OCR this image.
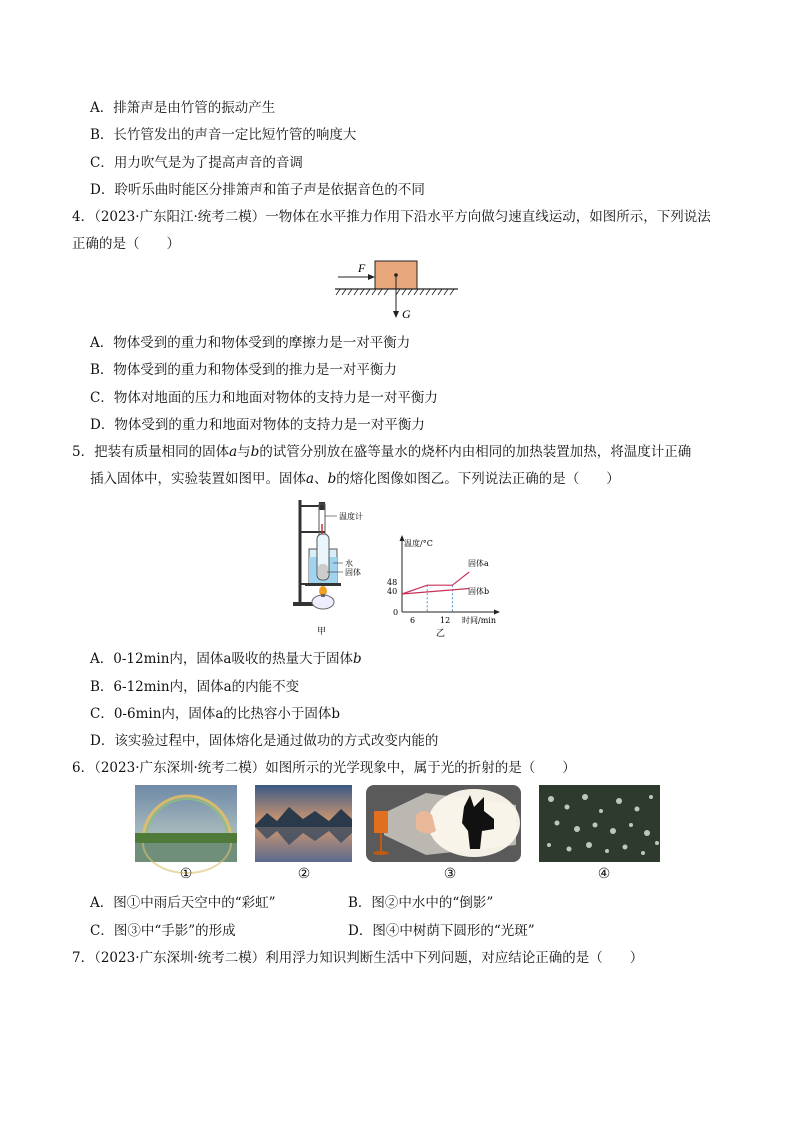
A．排箫声是由竹管的振动产生
B．长竹管发出的声音一定比短竹管的响度大
C．用力吹气是为了提高声音的音调
D．聆听乐曲时能区分排箫声和笛子声是依据音色的不同
4．（2023·广东阳江·统考二模）一物体在水平推力作用下沿水平方向做匀速直线运动，如图所示，下列说法
正确的是（　　）
F
G
A．物体受到的重力和物体受到的摩擦力是一对平衡力
B．物体受到的重力和物体受到的推力是一对平衡力
C．物体对地面的压力和地面对物体的支持力是一对平衡力
D．物体受到的重力和地面对物体的支持力是一对平衡力
5．把装有质量相同的固体a与b的试管分别放在盛等量水的烧杯内由相同的加热装置加热，将温度计正确
插入固体中，实验装置如图甲。固体a、b的熔化图像如图乙。下列说法正确的是（　　）
温度计
水
固体
甲
温度/°C
时间/min
48
40
0
6	12
乙
固体a
固体b
A．0-12min内，固体a吸收的热量大于固体b
B．6-12min内，固体a的内能不变
C．0-6min内，固体a的比热容小于固体b
D．该实验过程中，固体熔化是通过做功的方式改变内能的
6．（2023·广东深圳·统考二模）如图所示的光学现象中，属于光的折射的是（　　）
①	②	③	④
A．图①中雨后天空中的“彩虹”	B．图②中水中的“倒影”
C．图③中“手影”的形成	D．图④中树荫下圆形的“光斑”
7．（2023·广东深圳·统考二模）利用浮力知识判断生活中下列问题，对应结论正确的是（　　）
